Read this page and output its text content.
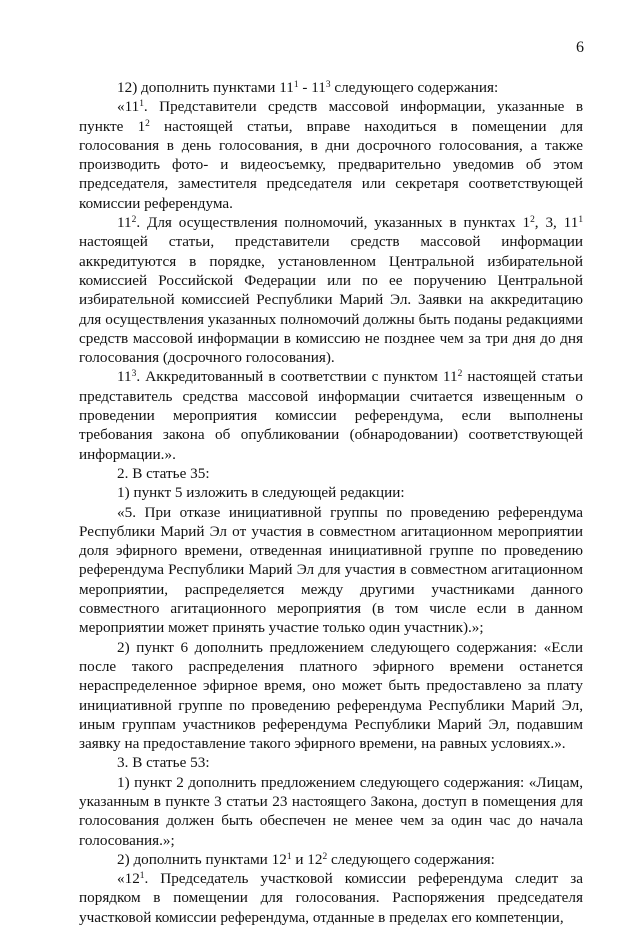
6

12) дополнить пунктами $11^1 - 11^3$ следующего содержания:

«$11^1$. Представители средств массовой информации, указанные в пункте $1^2$ настоящей статьи, вправе находиться в помещении для голосования в день голосования, в дни досрочного голосования, а также производить фото- и видеосъемку, предварительно уведомив об этом председателя, заместителя председателя или секретаря соответствующей комиссии референдума.

$11^2$. Для осуществления полномочий, указанных в пунктах $1^2$, 3, $11^1$ настоящей статьи, представители средств массовой информации аккредитуются в порядке, установленном Центральной избирательной комиссией Российской Федерации или по ее поручению Центральной избирательной комиссией Республики Марий Эл. Заявки на аккредитацию для осуществления указанных полномочий должны быть поданы редакциями средств массовой информации в комиссию не позднее чем за три дня до дня голосования (досрочного голосования).

$11^3$. Аккредитованный в соответствии с пунктом $11^2$ настоящей статьи представитель средства массовой информации считается извещенным о проведении мероприятия комиссии референдума, если выполнены требования закона об опубликовании (обнародовании) соответствующей информации.».

2. В статье 35:

1) пункт 5 изложить в следующей редакции:

«5. При отказе инициативной группы по проведению референдума Республики Марий Эл от участия в совместном агитационном мероприятии доля эфирного времени, отведенная инициативной группе по проведению референдума Республики Марий Эл для участия в совместном агитационном мероприятии, распределяется между другими участниками данного совместного агитационного мероприятия (в том числе если в данном мероприятии может принять участие только один участник).»;

2) пункт 6 дополнить предложением следующего содержания: «Если после такого распределения платного эфирного времени останется нераспределенное эфирное время, оно может быть предоставлено за плату инициативной группе по проведению референдума Республики Марий Эл, иным группам участников референдума Республики Марий Эл, подавшим заявку на предоставление такого эфирного времени, на равных условиях.».

3. В статье 53:

1) пункт 2 дополнить предложением следующего содержания: «Лицам, указанным в пункте 3 статьи 23 настоящего Закона, доступ в помещения для голосования должен быть обеспечен не менее чем за один час до начала голосования.»;

2) дополнить пунктами $12^1$ и $12^2$ следующего содержания:

«$12^1$. Председатель участковой комиссии референдума следит за порядком в помещении для голосования. Распоряжения председателя участковой комиссии референдума, отданные в пределах его компетенции,
